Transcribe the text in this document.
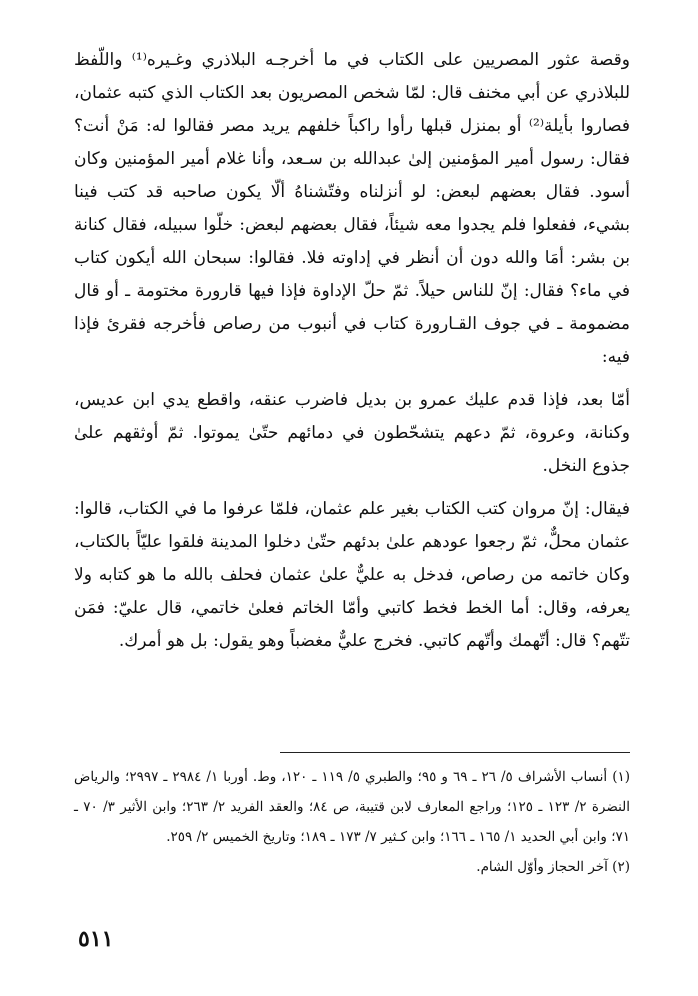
وقصة عثور المصريين على الكتاب في ما أخرجـه البلاذري وغـيره⁽¹⁾ واللّفظ للبلاذري عن أبي مخنف قال: لمّا شخص المصريون بعد الكتاب الذي كتبه عثمان، فصاروا بأيلة⁽²⁾ أو بمنزل قبلها رأوا راكباً خلفهم يريد مصر فقالوا له: مَنْ أنت؟ فقال: رسول أمير المؤمنين إلىٰ عبدالله بن سـعد، وأنا غلام أمير المؤمنين وكان أسود. فقال بعضهم لبعض: لو أنزلناه وفتّشناهُ ألّا يكون صاحبه قد كتب فينا بشيء، ففعلوا فلم يجدوا معه شيئاً، فقال بعضهم لبعض: خلّوا سبيله، فقال كنانة بن بشر: أمَا والله دون أن أنظر في إداوته فلا. فقالوا: سبحان الله أيكون كتاب في ماء؟ فقال: إنّ للناس حيلاً. ثمّ حلّ الإداوة فإذا فيها قارورة مختومة ـ أو قال مضمومة ـ في جوف القـارورة كتاب في أنبوب من رصاص فأخرجه فقرئ فإذا فيه:

أمّا بعد، فإذا قدم عليك عمرو بن بديل فاضرب عنقه، واقطع يدي ابن عديس، وكنانة، وعروة، ثمّ دعهم يتشحّطون في دمائهم حتّىٰ يموتوا. ثمّ أوثقهم علىٰ جذوع النخل.

فيقال: إنّ مروان كتب الكتاب بغير علم عثمان، فلمّا عرفوا ما في الكتاب، قالوا: عثمان محلٌّ، ثمّ رجعوا عودهم علىٰ بدئهم حتّىٰ دخلوا المدينة فلقوا عليّاً بالكتاب، وكان خاتمه من رصاص، فدخل به عليٌّ علىٰ عثمان فحلف بالله ما هو كتابه ولا يعرفه، وقال: أما الخط فخط كاتبي وأمّا الخاتم فعلىٰ خاتمي، قال عليّ: فمَن تتّهم؟ قال: أتّهمك وأتّهم كاتبي. فخرج عليٌّ مغضباً وهو يقول: بل هو أمرك.

(١) أنساب الأشراف ٥/ ٢٦ ـ ٦٩ و ٩٥؛ والطبري ٥/ ١١٩ ـ ١٢٠، وط. أوربا ١/ ٢٩٨٤ ـ ٢٩٩٧؛ والرياض النضرة ٢/ ١٢٣ ـ ١٢٥؛ وراجع المعارف لابن قتيبة، ص ٨٤؛ والعقد الفريد ٢/ ٢٦٣؛ وابن الأثير ٣/ ٧٠ ـ ٧١؛ وابن أبي الحديد ١/ ١٦٥ ـ ١٦٦؛ وابن كـثير ٧/ ١٧٣ ـ ١٨٩؛ وتاريخ الخميس ٢/ ٢٥٩.

(٢) آخر الحجاز وأوّل الشام.

٥١١
